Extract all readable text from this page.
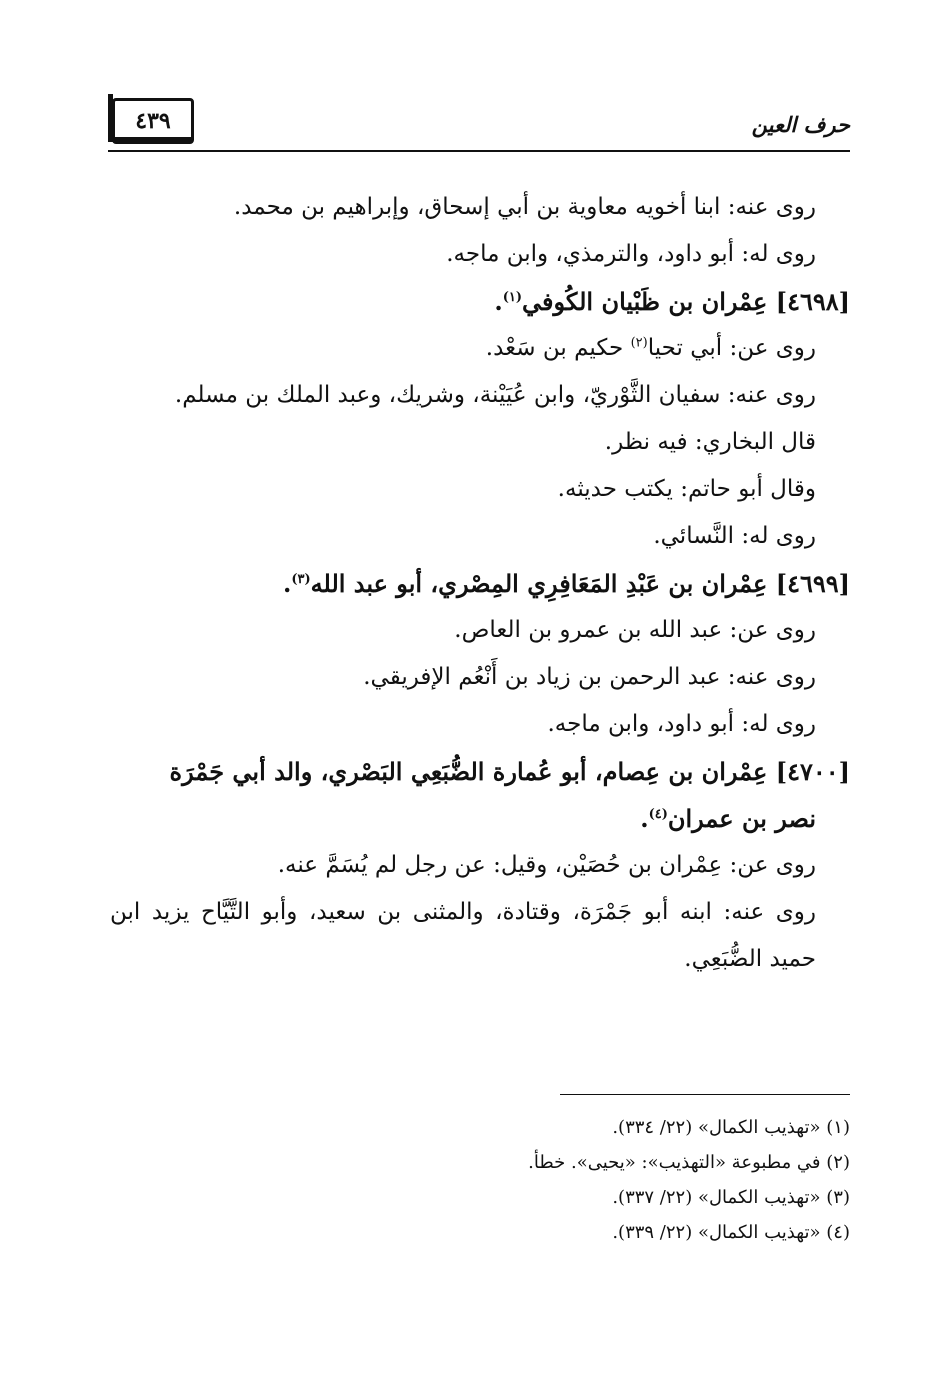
٤٣٩	حرف العين

روى عنه: ابنا أخويه معاوية بن أبي إسحاق، وإبراهيم بن محمد.

روى له: أبو داود، والترمذي، وابن ماجه.

[٤٦٩٨] عِمْران بن ظَبْيان الكُوفي$^{(١)}$.

روى عن: أبي تحيا$^{(٢)}$ حكيم بن سَعْد.

روى عنه: سفيان الثَّوْريّ، وابن عُيَيْنة، وشريك، وعبد الملك بن مسلم.

قال البخاري: فيه نظر.

وقال أبو حاتم: يكتب حديثه.

روى له: النَّسائي.

[٤٦٩٩] عِمْران بن عَبْدِ المَعَافِرِي المِصْري، أبو عبد الله$^{(٣)}$.

روى عن: عبد الله بن عمرو بن العاص.

روى عنه: عبد الرحمن بن زياد بن أَنْعُم الإفريقي.

روى له: أبو داود، وابن ماجه.

[٤٧٠٠] عِمْران بن عِصام، أبو عُمارة الضُّبَعِي البَصْري، والد أبي جَمْرَة

نصر بن عمران$^{(٤)}$.

روى عن: عِمْران بن حُصَيْن، وقيل: عن رجل لم يُسَمَّ عنه.

روى عنه: ابنه أبو جَمْرَة، وقتادة، والمثنى بن سعيد، وأبو التَّيَّاح يزيد ابن حميد الضُّبَعِي.

(١) «تهذيب الكمال» (٢٢/ ٣٣٤).

(٢) في مطبوعة «التهذيب»: «يحيى». خطأ.

(٣) «تهذيب الكمال» (٢٢/ ٣٣٧).

(٤) «تهذيب الكمال» (٢٢/ ٣٣٩).
